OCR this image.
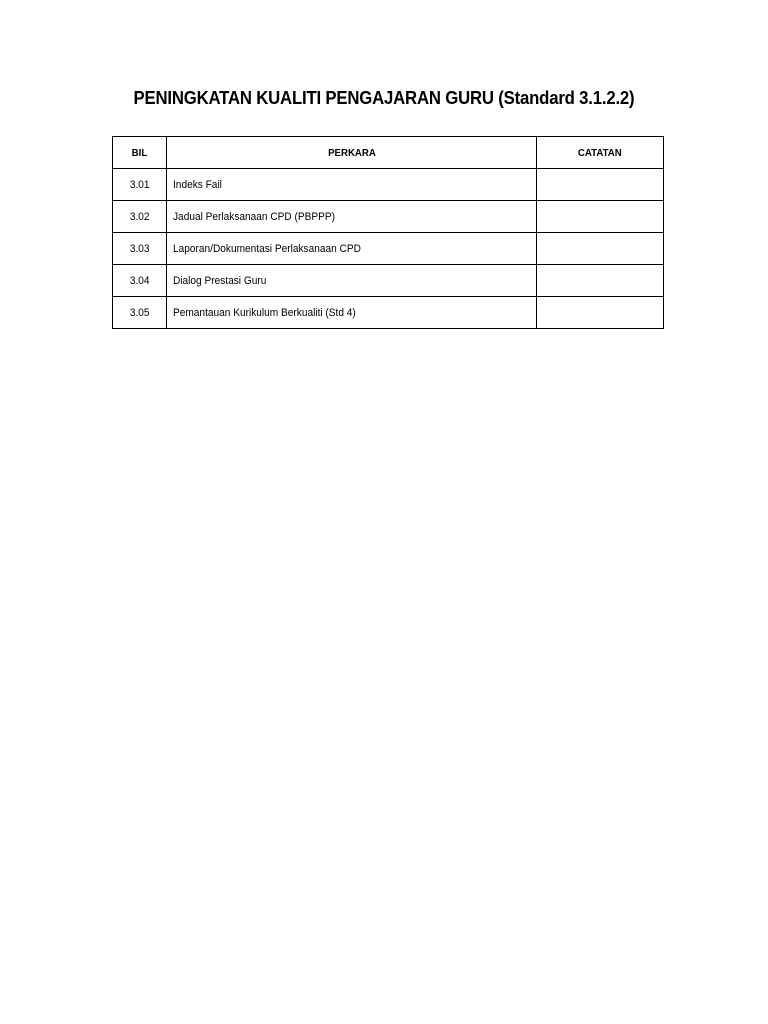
PENINGKATAN KUALITI PENGAJARAN GURU (Standard 3.1.2.2)
BIL	PERKARA	CATATAN
3.01	Indeks Fail	
3.02	Jadual Perlaksanaan CPD (PBPPP)	
3.03	Laporan/Dokumentasi Perlaksanaan CPD	
3.04	Dialog Prestasi Guru	
3.05	Pemantauan Kurikulum Berkualiti (Std 4)	
